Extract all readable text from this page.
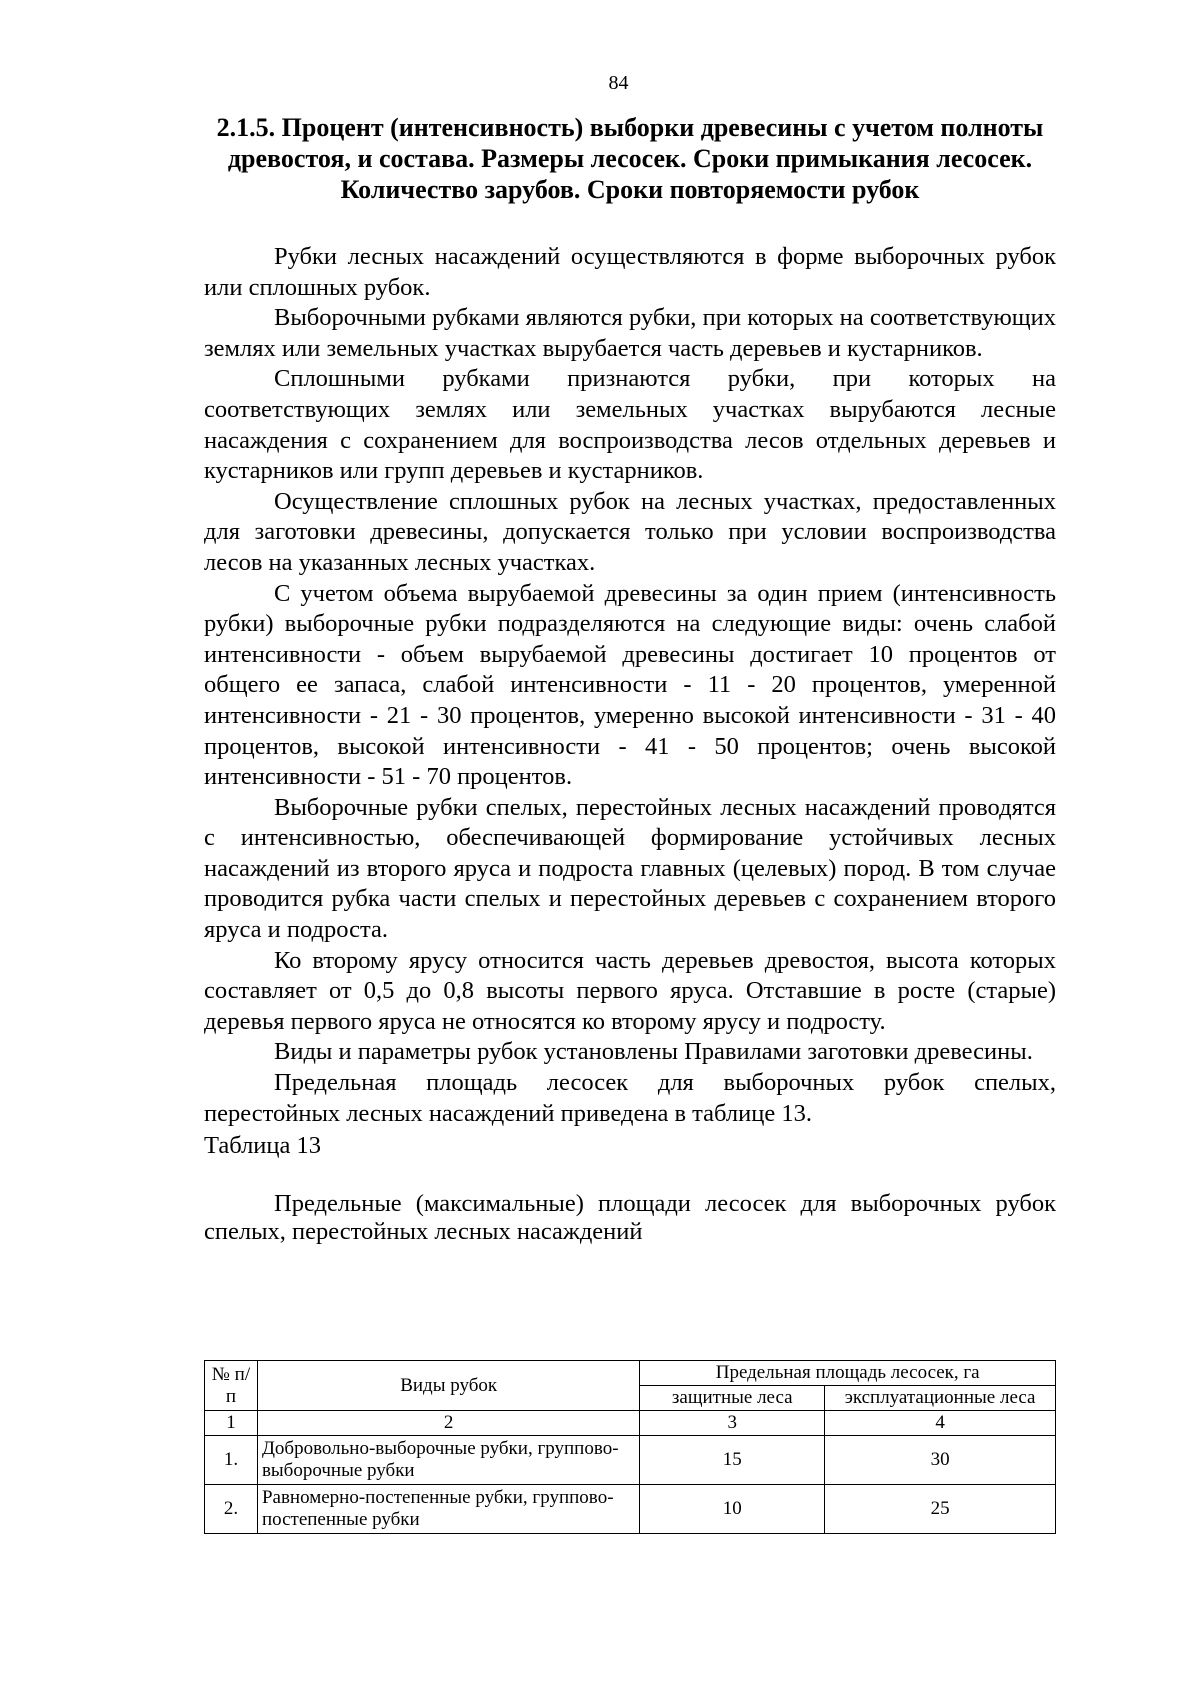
84
2.1.5. Процент (интенсивность) выборки древесины с учетом полноты
древостоя, и состава. Размеры лесосек. Сроки примыкания лесосек.
Количество зарубов. Сроки повторяемости рубок

Рубки лесных насаждений осуществляются в форме выборочных рубок или сплошных рубок.

Выборочными рубками являются рубки, при которых на соответствующих землях или земельных участках вырубается часть деревьев и кустарников.

Сплошными рубками признаются рубки, при которых на соответствующих землях или земельных участках вырубаются лесные насаждения с сохранением для воспроизводства лесов отдельных деревьев и кустарников или групп деревьев и кустарников.

Осуществление сплошных рубок на лесных участках, предоставленных для заготовки древесины, допускается только при условии воспроизводства лесов на указанных лесных участках.

С учетом объема вырубаемой древесины за один прием (интенсивность рубки) выборочные рубки подразделяются на следующие виды: очень слабой интенсивности - объем вырубаемой древесины достигает 10 процентов от общего ее запаса, слабой интенсивности - 11 - 20 процентов, умеренной интенсивности - 21 - 30 процентов, умеренно высокой интенсивности - 31 - 40 процентов, высокой интенсивности - 41 - 50 процентов; очень высокой интенсивности - 51 - 70 процентов.

Выборочные рубки спелых, перестойных лесных насаждений проводятся с интенсивностью, обеспечивающей формирование устойчивых лесных насаждений из второго яруса и подроста главных (целевых) пород. В том случае проводится рубка части спелых и перестойных деревьев с сохранением второго яруса и подроста.

Ко второму ярусу относится часть деревьев древостоя, высота которых составляет от 0,5 до 0,8 высоты первого яруса. Отставшие в росте (старые) деревья первого яруса не относятся ко второму ярусу и подросту.

Виды и параметры рубок установлены Правилами заготовки древесины.

Предельная площадь лесосек для выборочных рубок спелых, перестойных лесных насаждений приведена в таблице 13.

Таблица 13

Предельные (максимальные) площади лесосек для выборочных рубок спелых, перестойных лесных насаждений

№ п/п	Виды рубок	Предельная площадь лесосек, га	
		защитные леса	эксплуатационные леса
1	2	3	4
1.	Добровольно-выборочные рубки, групповo-выборочные рубки	15	30
2.	Равномерно-постепенные рубки, групповo-постепенные рубки	10	25
